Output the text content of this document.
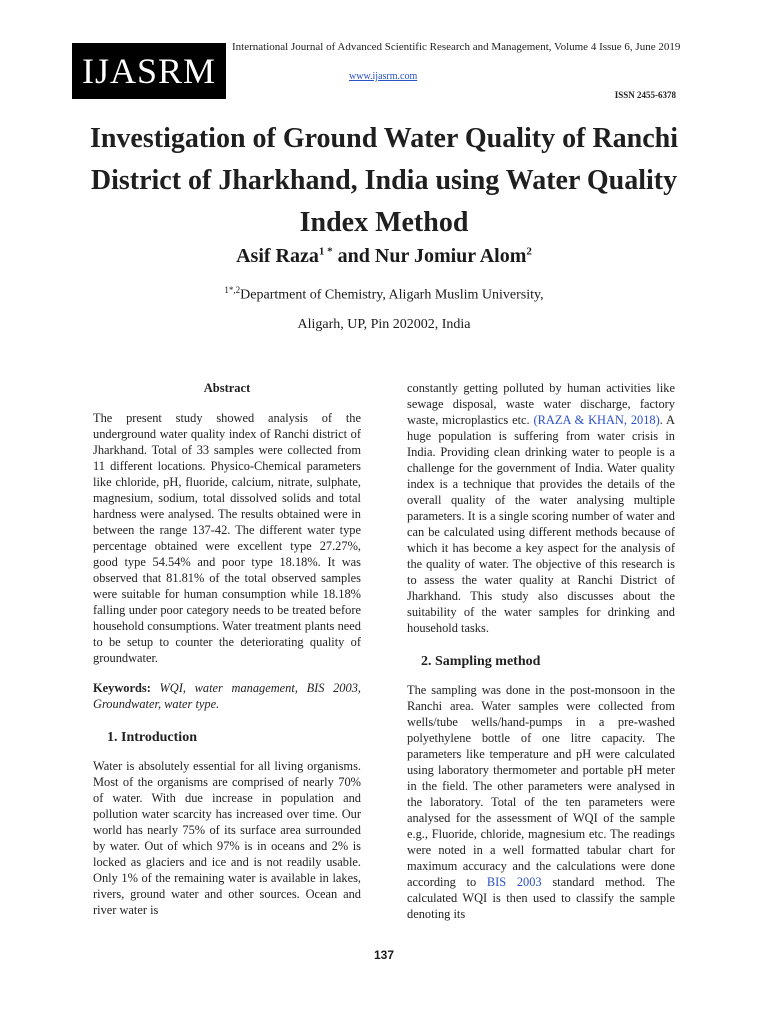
IJASRM
International Journal of Advanced Scientific Research and Management, Volume 4 Issue 6, June 2019
www.ijasrm.com
ISSN 2455-6378
Investigation of Ground Water Quality of Ranchi District of Jharkhand, India using Water Quality Index Method
Asif Raza$^{1 *}$ and Nur Jomiur Alom$^2$
$^{1*,2}$Department of Chemistry, Aligarh Muslim University,
Aligarh, UP, Pin 202002, India

Abstract

The present study showed analysis of the underground water quality index of Ranchi district of Jharkhand. Total of 33 samples were collected from 11 different locations. Physico-Chemical parameters like chloride, pH, fluoride, calcium, nitrate, sulphate, magnesium, sodium, total dissolved solids and total hardness were analysed. The results obtained were in between the range 137-42. The different water type percentage obtained were excellent type 27.27%, good type 54.54% and poor type 18.18%. It was observed that 81.81% of the total observed samples were suitable for human consumption while 18.18% falling under poor category needs to be treated before household consumptions. Water treatment plants need to be setup to counter the deteriorating quality of groundwater.

Keywords: WQI, water management, BIS 2003, Groundwater, water type.

1. Introduction

Water is absolutely essential for all living organisms. Most of the organisms are comprised of nearly 70% of water. With due increase in population and pollution water scarcity has increased over time. Our world has nearly 75% of its surface area surrounded by water. Out of which 97% is in oceans and 2% is locked as glaciers and ice and is not readily usable. Only 1% of the remaining water is available in lakes, rivers, ground water and other sources. Ocean and river water is

constantly getting polluted by human activities like sewage disposal, waste water discharge, factory waste, microplastics etc. (RAZA & KHAN, 2018). A huge population is suffering from water crisis in India. Providing clean drinking water to people is a challenge for the government of India. Water quality index is a technique that provides the details of the overall quality of the water analysing multiple parameters. It is a single scoring number of water and can be calculated using different methods because of which it has become a key aspect for the analysis of the quality of water. The objective of this research is to assess the water quality at Ranchi District of Jharkhand. This study also discusses about the suitability of the water samples for drinking and household tasks.

2. Sampling method

The sampling was done in the post-monsoon in the Ranchi area. Water samples were collected from wells/tube wells/hand-pumps in a pre-washed polyethylene bottle of one litre capacity. The parameters like temperature and pH were calculated using laboratory thermometer and portable pH meter in the field. The other parameters were analysed in the laboratory. Total of the ten parameters were analysed for the assessment of WQI of the sample e.g., Fluoride, chloride, magnesium etc. The readings were noted in a well formatted tabular chart for maximum accuracy and the calculations were done according to BIS 2003 standard method. The calculated WQI is then used to classify the sample denoting its

137
